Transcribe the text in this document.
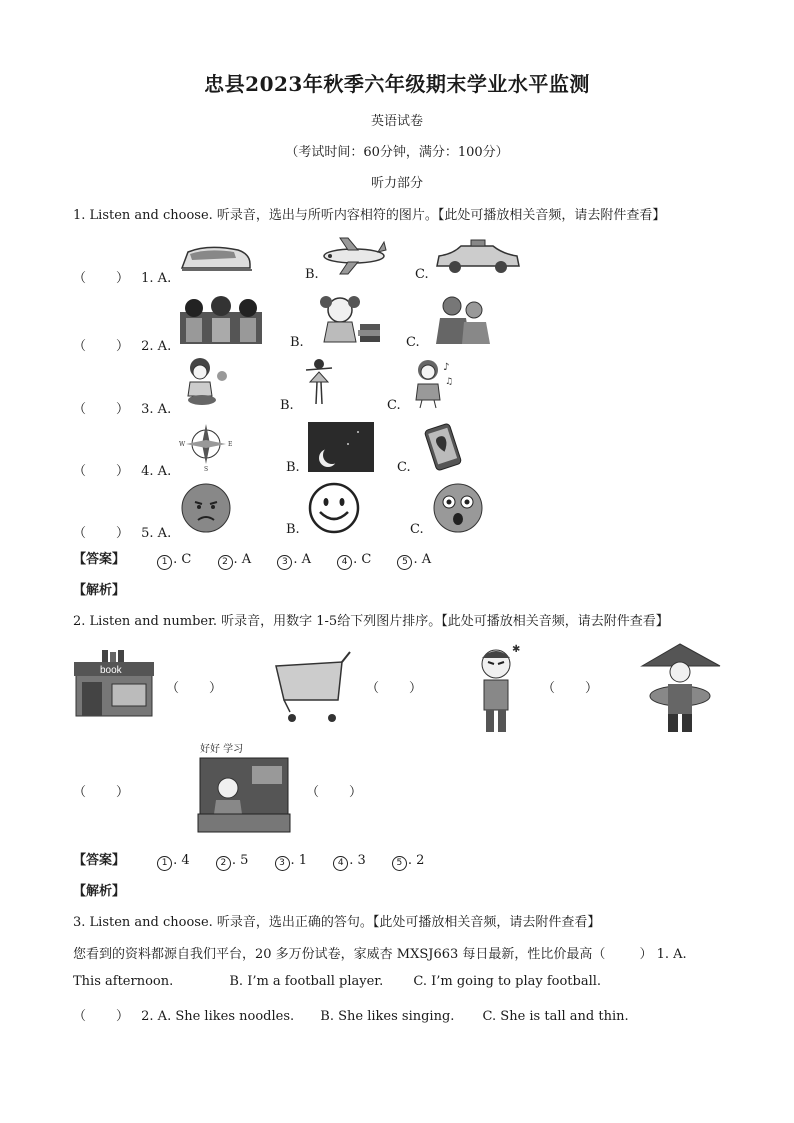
忠县2023年秋季六年级期末学业水平监测
英语试卷
（考试时间：60分钟，满分：100分）
听力部分
1. Listen and choose. 听录音，选出与所听内容相符的图片。【此处可播放相关音频，请去附件查看】
（ ） 1. A.	B.	C.
（ ） 2. A.	B.	C.
（ ） 3. A.	B.	C.
♪
♫
（ ） 4. A.	B.	C.
W	E
S
（ ） 5. A.	B.	C.
【答案】	1 . C	2 . A	3 . A	4 . C	5 . A
【解析】
2. Listen and number. 听录音，用数字 1-5给下列图片排序。【此处可播放相关音频，请去附件查看】
book
（ ）	（ ）
✱
（ ）
（ ）
好好 学习
（ ）
【答案】	1 . 4	2 . 5	3 . 1	4 . 3	5 . 2
【解析】
3. Listen and choose. 听录音，选出正确的答句。【此处可播放相关音频，请去附件查看】
您看到的资料都源自我们平台，20 多万份试卷，家威杏 MXSJ663 每日最新，性比价最高（	） 1. A.
This afternoon.	B. I’m a football player. C. I’m going to play football.
（ ） 2. A. She likes noodles. B. She likes singing. C. She is tall and thin.
